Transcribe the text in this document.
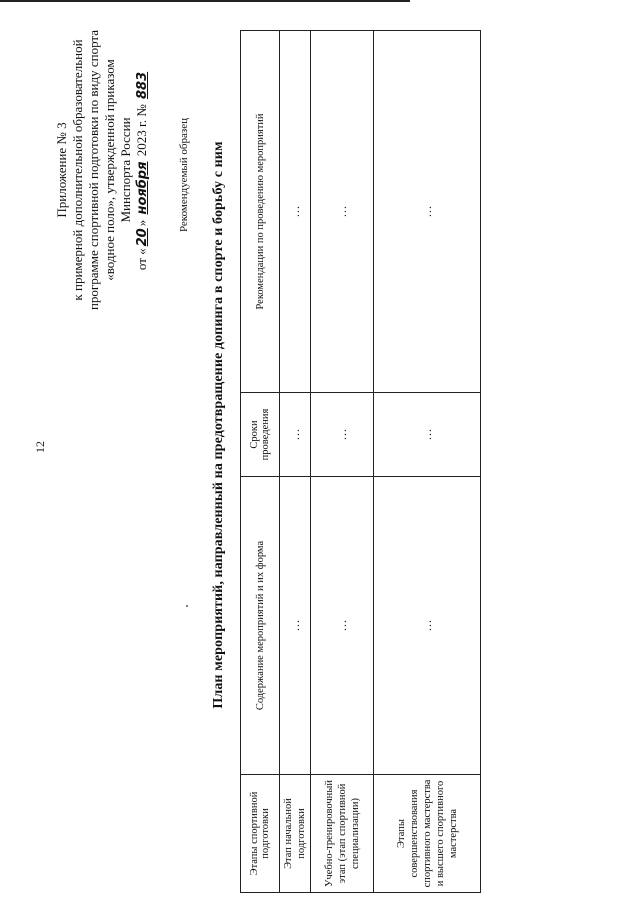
12
Приложение № 3 к примерной дополнительной образовательной программе спортивной подготовки по виду спорта «водное поло», утвержденной приказом Минспорта России
от «20» ноября 2023 г. № 883
Рекомендуемый образец План мероприятий, направленный на предотвращение допинга в спорте и борьбу с ним
Этапы спортивной подготовки	Содержание мероприятий и их форма	Сроки проведения	Рекомендации по проведению мероприятий
Этап начальной подготовки	…	…	…
Учебно-тренировочный этап (этап спортивной специализации)	…	…	…
Этапы совершенствования спортивного мастерства и высшего спортивного мастерства	…	…	…
